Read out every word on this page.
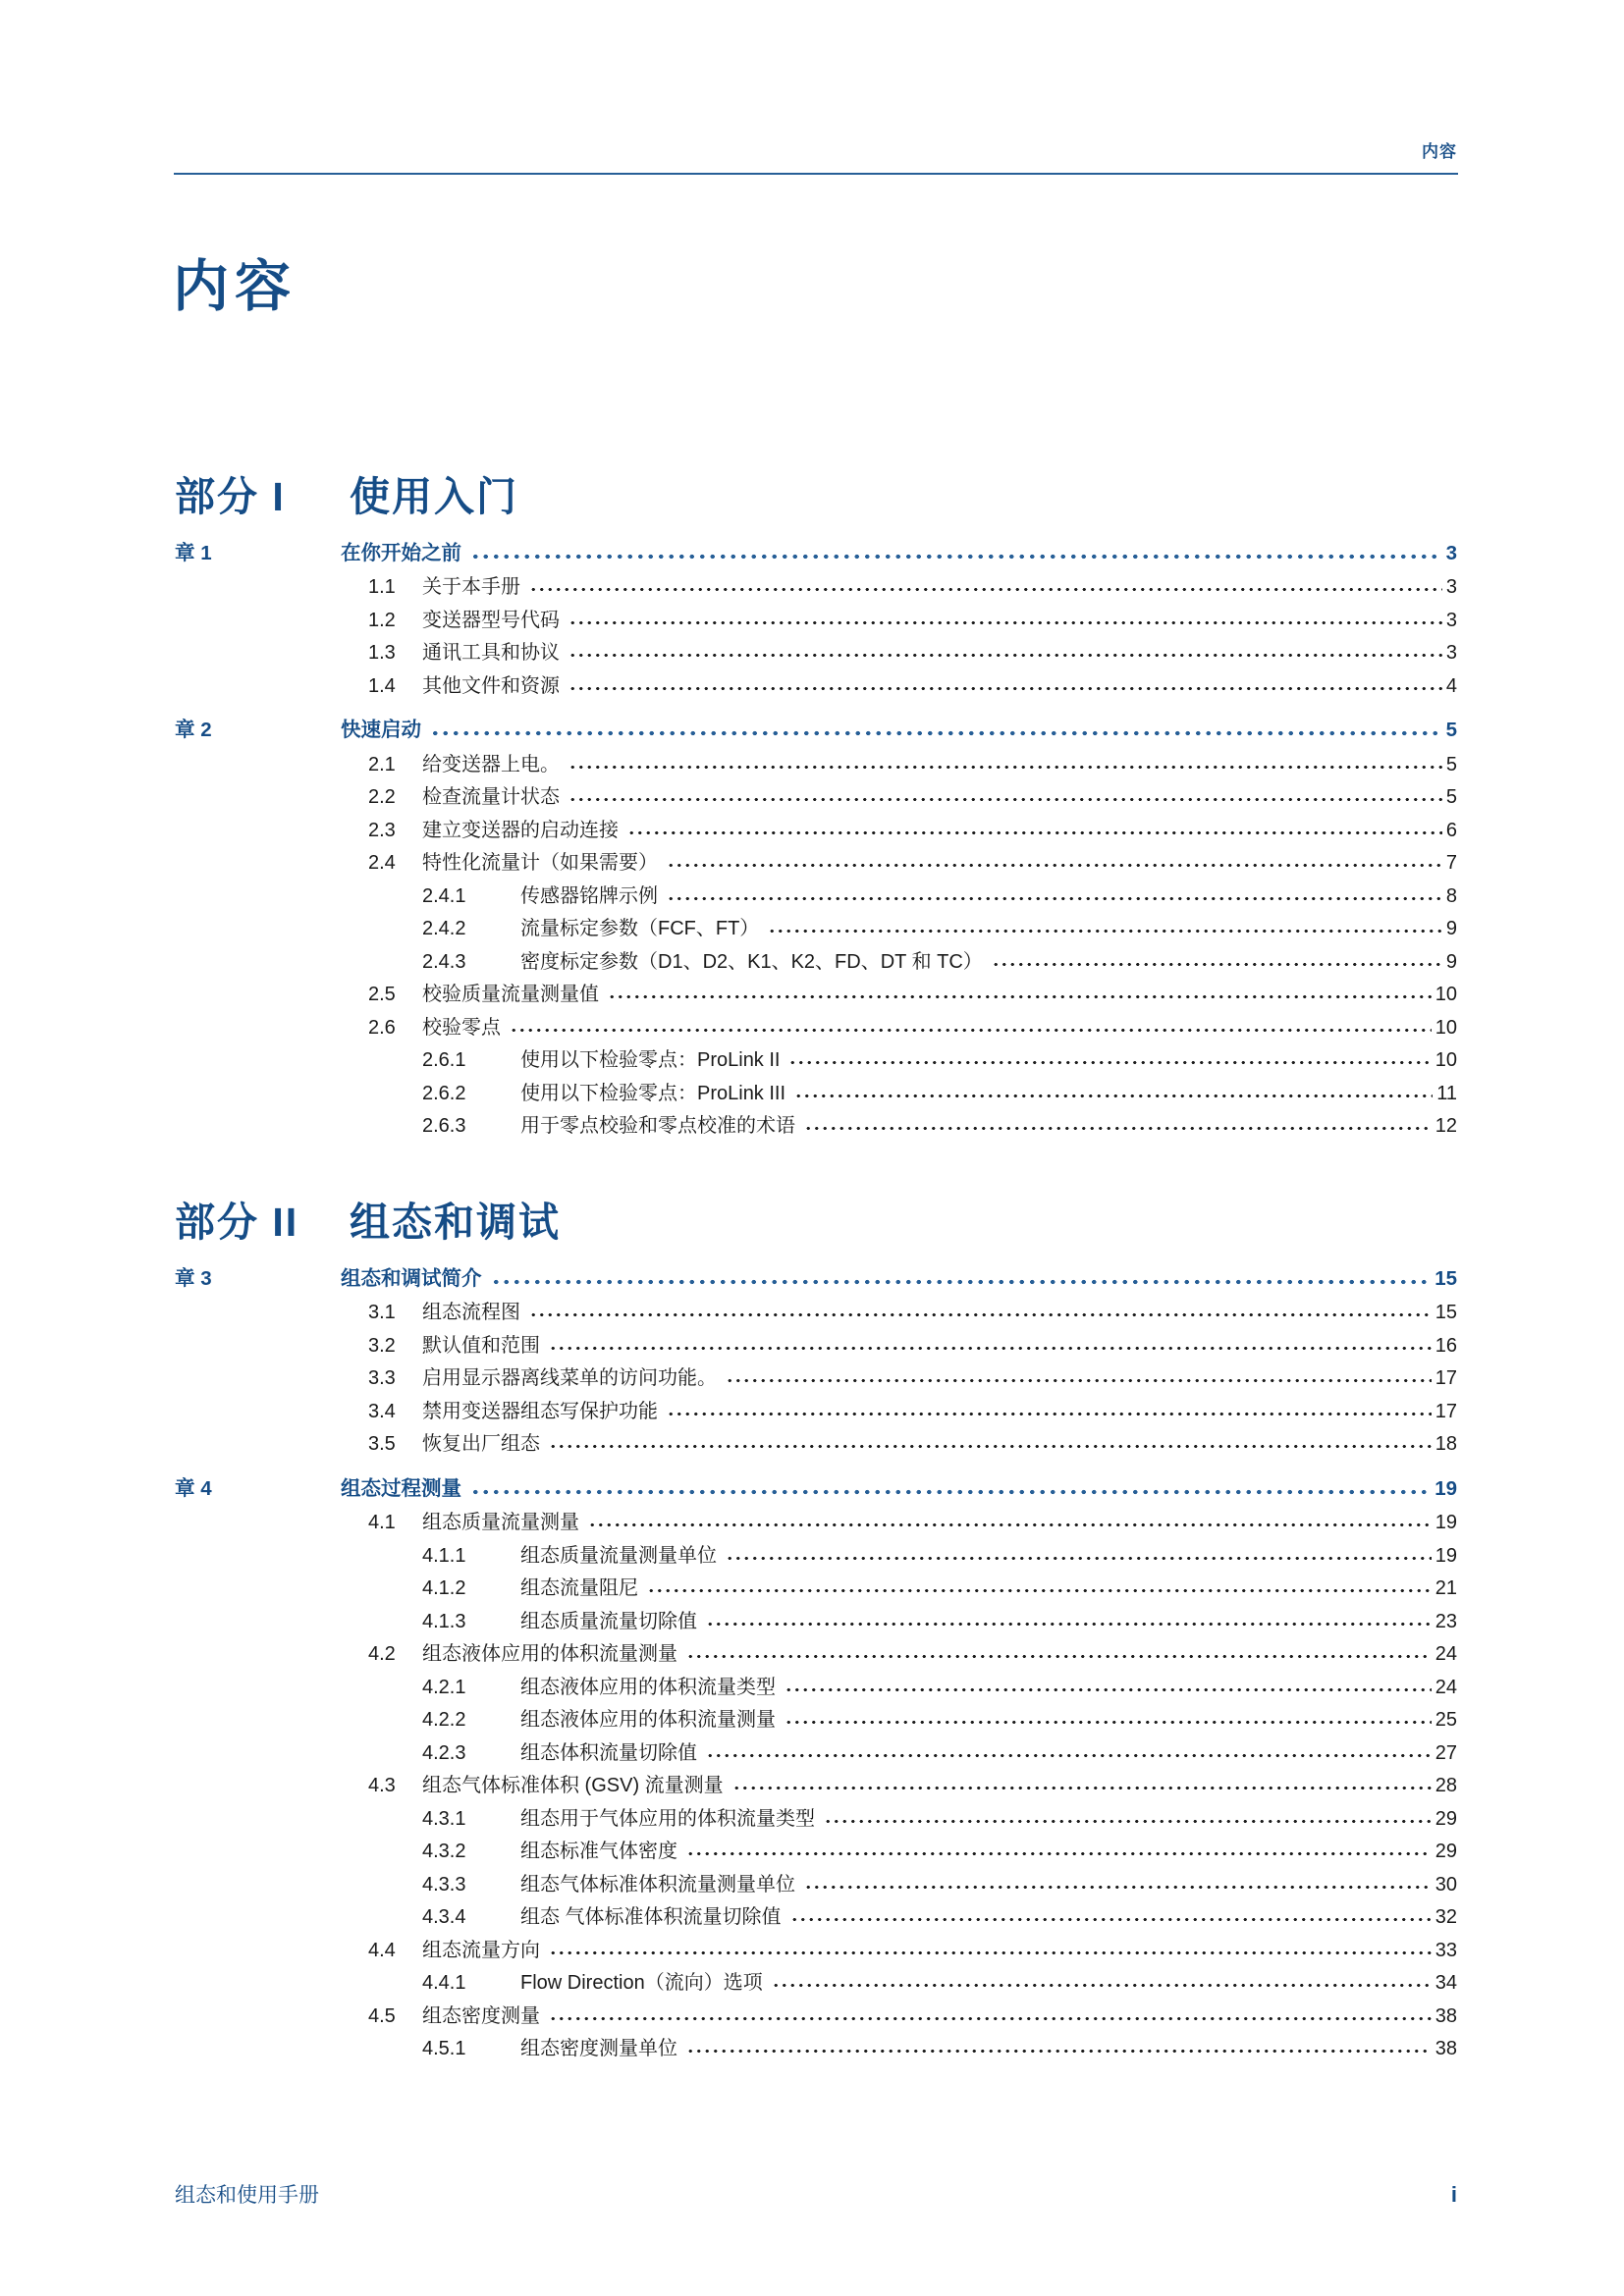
内容
内容
部分 I	使用入门
章 1	在你开始之前	3
1.1	关于本手册	3
1.2	变送器型号代码	3
1.3	通讯工具和协议	3
1.4	其他文件和资源	4
章 2	快速启动	5
2.1	给变送器上电。	5
2.2	检查流量计状态	5
2.3	建立变送器的启动连接	6
2.4	特性化流量计（如果需要）	7
2.4.1	传感器铭牌示例	8
2.4.2	流量标定参数（FCF、FT）	9
2.4.3	密度标定参数（D1、D2、K1、K2、FD、DT 和 TC）	9
2.5	校验质量流量测量值	10
2.6	校验零点	10
2.6.1	使用以下检验零点：ProLink II	10
2.6.2	使用以下检验零点：ProLink III	11
2.6.3	用于零点校验和零点校准的术语	12
部分 II	组态和调试
章 3	组态和调试简介	15
3.1	组态流程图	15
3.2	默认值和范围	16
3.3	启用显示器离线菜单的访问功能。	17
3.4	禁用变送器组态写保护功能	17
3.5	恢复出厂组态	18
章 4	组态过程测量	19
4.1	组态质量流量测量	19
4.1.1	组态质量流量测量单位	19
4.1.2	组态流量阻尼	21
4.1.3	组态质量流量切除值	23
4.2	组态液体应用的体积流量测量	24
4.2.1	组态液体应用的体积流量类型	24
4.2.2	组态液体应用的体积流量测量	25
4.2.3	组态体积流量切除值	27
4.3	组态气体标准体积 (GSV) 流量测量	28
4.3.1	组态用于气体应用的体积流量类型	29
4.3.2	组态标准气体密度	29
4.3.3	组态气体标准体积流量测量单位	30
4.3.4	组态 气体标准体积流量切除值	32
4.4	组态流量方向	33
4.4.1	Flow Direction（流向）选项	34
4.5	组态密度测量	38
4.5.1	组态密度测量单位	38
组态和使用手册	i
